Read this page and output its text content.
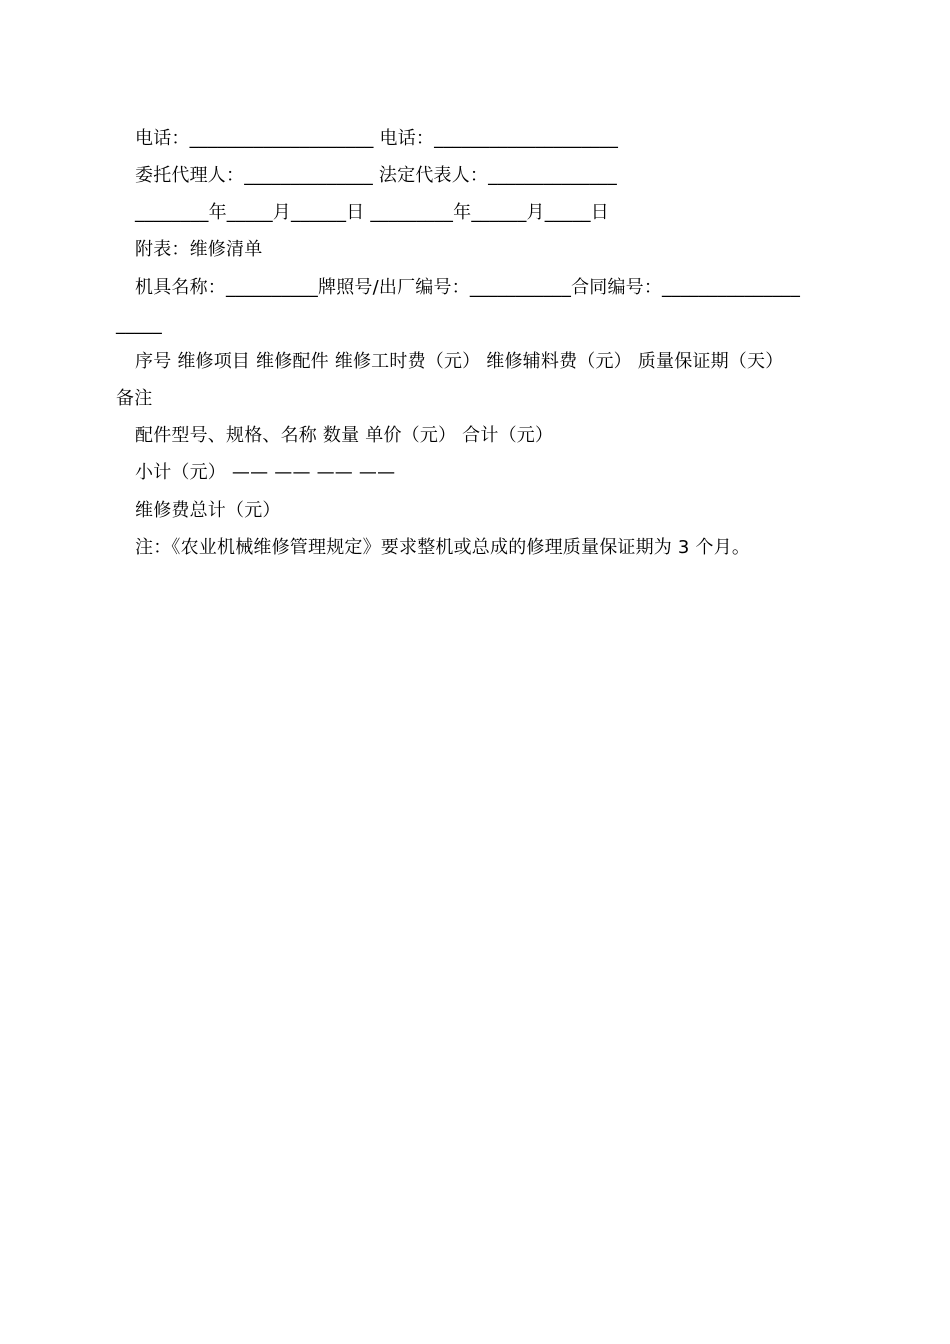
电话：____________________ 电话：____________________
委托代理人：______________ 法定代表人：______________
________年_____月______日 _________年______月_____日
附表：维修清单
机具名称：__________牌照号/出厂编号：___________合同编号：_______________
_____
序号 维修项目 维修配件 维修工时费（元） 维修辅料费（元） 质量保证期（天）
备注
配件型号、规格、名称 数量 单价（元） 合计（元）
小计（元） —— —— —— ——
维修费总计（元）
注：《农业机械维修管理规定》要求整机或总成的修理质量保证期为 3 个月。
